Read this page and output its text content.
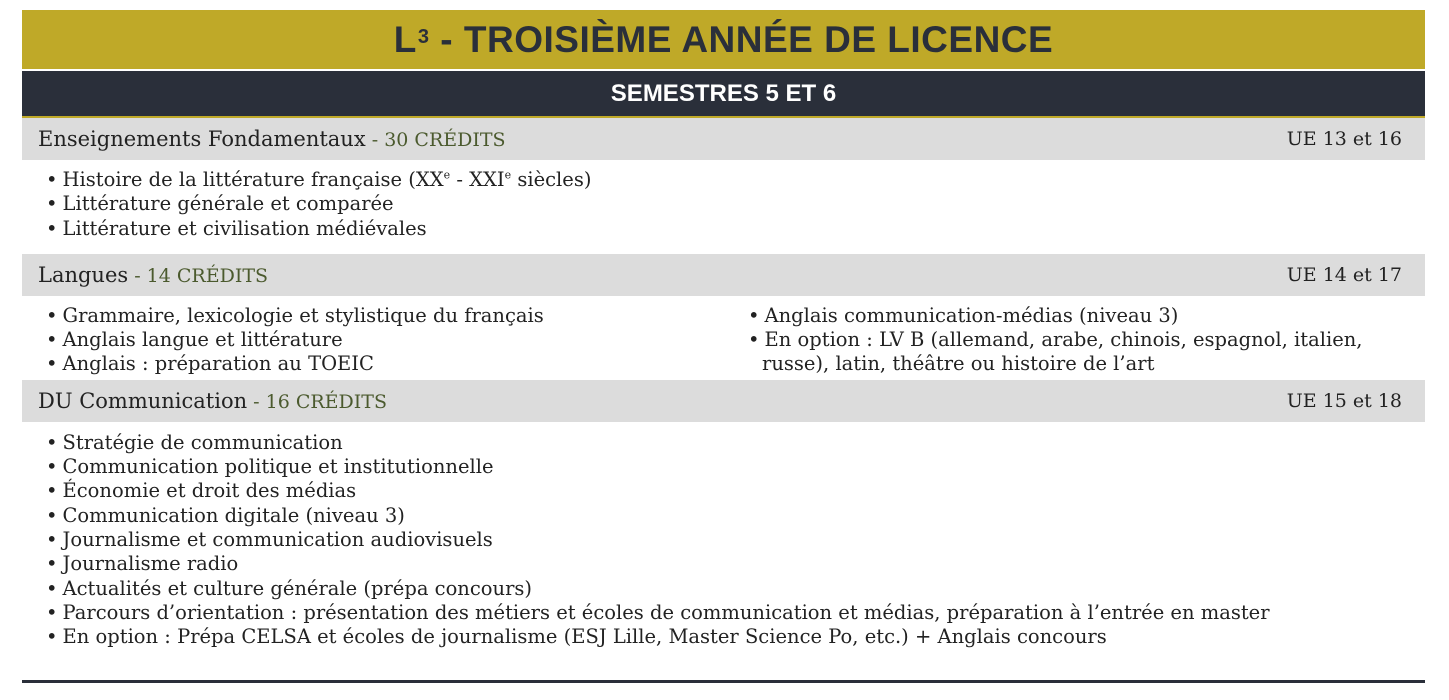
$L^3$ - TROISIÈME ANNÉE DE LICENCE
SEMESTRES 5 ET 6
Enseignements Fondamentaux - 30 CRÉDITS	UE 13 et 16
• Histoire de la littérature française (XXe - XXIe siècles)
• Littérature générale et comparée
• Littérature et civilisation médiévales
Langues - 14 CRÉDITS	UE 14 et 17
• Grammaire, lexicologie et stylistique du français
• Anglais langue et littérature
• Anglais : préparation au TOEIC
• Anglais communication-médias (niveau 3)
• En option : LV B (allemand, arabe, chinois, espagnol, italien, russe), latin, théâtre ou histoire de l’art
DU Communication - 16 CRÉDITS	UE 15 et 18
• Stratégie de communication
• Communication politique et institutionnelle
• Économie et droit des médias
• Communication digitale (niveau 3)
• Journalisme et communication audiovisuels
• Journalisme radio
• Actualités et culture générale (prépa concours)
• Parcours d’orientation : présentation des métiers et écoles de communication et médias, préparation à l’entrée en master
• En option : Prépa CELSA et écoles de journalisme (ESJ Lille, Master Science Po, etc.) + Anglais concours
